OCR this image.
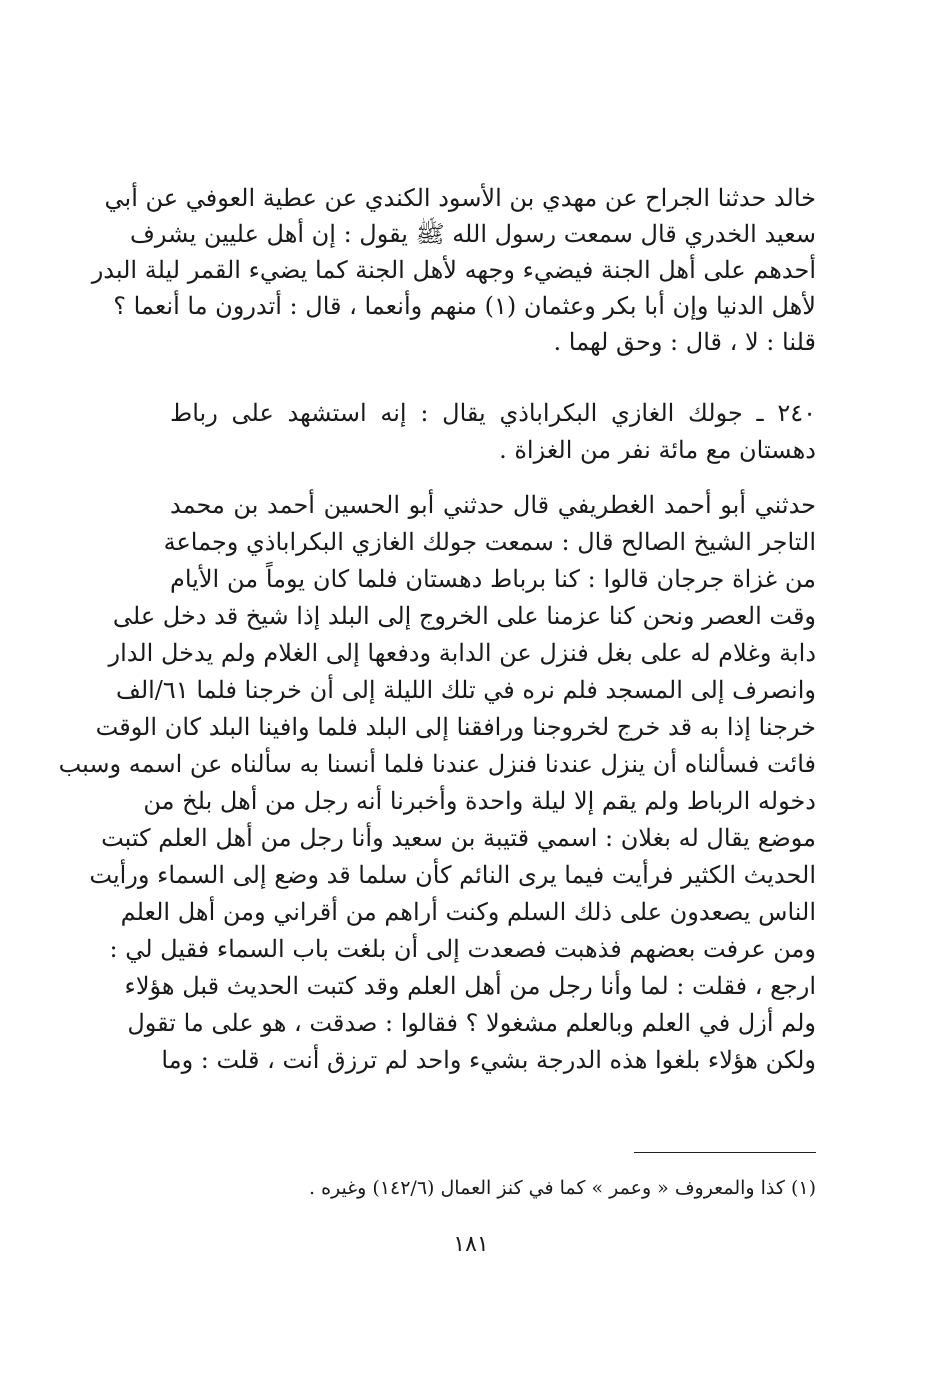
خالد حدثنا الجراح عن مهدي بن الأسود الكندي عن عطية العوفي عن أبي
سعيد الخدري قال سمعت رسول الله ﷺ يقول : إن أهل عليين يشرف
أحدهم على أهل الجنة فيضيء وجهه لأهل الجنة كما يضيء القمر ليلة البدر
لأهل الدنيا وإن أبا بكر وعثمان (١) منهم وأنعما ، قال : أتدرون ما أنعما ؟
قلنا : لا ، قال : وحق لهما .
٢٤٠ ـ جولك الغازي البكراباذي يقال : إنه استشهد على رباط
دهستان مع مائة نفر من الغزاة .
حدثني أبو أحمد الغطريفي قال حدثني أبو الحسين أحمد بن محمد
التاجر الشيخ الصالح قال : سمعت جولك الغازي البكراباذي وجماعة
من غزاة جرجان قالوا : كنا برباط دهستان فلما كان يوماً من الأيام
وقت العصر ونحن كنا عزمنا على الخروج إلى البلد إذا شيخ قد دخل على
دابة وغلام له على بغل فنزل عن الدابة ودفعها إلى الغلام ولم يدخل الدار
وانصرف إلى المسجد فلم نره في تلك الليلة إلى أن خرجنا فلما ٦١/الف
خرجنا إذا به قد خرج لخروجنا ورافقنا إلى البلد فلما وافينا البلد كان الوقت
فائت فسألناه أن ينزل عندنا فنزل عندنا فلما أنسنا به سألناه عن اسمه وسبب
دخوله الرباط ولم يقم إلا ليلة واحدة وأخبرنا أنه رجل من أهل بلخ من
موضع يقال له بغلان : اسمي قتيبة بن سعيد وأنا رجل من أهل العلم كتبت
الحديث الكثير فرأيت فيما يرى النائم كأن سلما قد وضع إلى السماء ورأيت
الناس يصعدون على ذلك السلم وكنت أراهم من أقراني ومن أهل العلم
ومن عرفت بعضهم فذهبت فصعدت إلى أن بلغت باب السماء فقيل لي :
ارجع ، فقلت : لما وأنا رجل من أهل العلم وقد كتبت الحديث قبل هؤلاء
ولم أزل في العلم وبالعلم مشغولا ؟ فقالوا : صدقت ، هو على ما تقول
ولكن هؤلاء بلغوا هذه الدرجة بشيء واحد لم ترزق أنت ، قلت : وما
(١) كذا والمعروف « وعمر » كما في كنز العمال (١٤٢/٦) وغيره .
١٨١
